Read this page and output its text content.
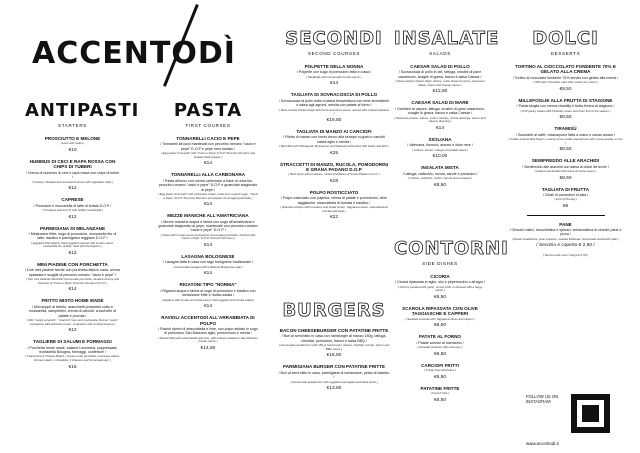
ACCENTODÌ
ANTIPASTI
STARTERS
PROSCIUTTO E MELONE
(Ham and melon)
€10
HUMMUS DI CECI E RAPA ROSSA CON CHIPS DI TUBERI
/ Crema di hummus di ceci e rapa rossa con chips di tuberi /
( Creamy chickpea and red beet hummus with vegetable chips )
€12
CAPRESE
/ Pomodori e mozzarella di latte di bufala D.O.P /
( Tomatoes and D.O.P. milk buffalo mozzarella )
€12
PARMIGIANA DI MELANZANE
/ Melanzane fritte, sugo di pomodoro, mozzarella fior di latte, basilico e parmigiano reggiano D.O.P /
( Eggplant Parmigiana: fried eggplant layered with tomato sauce, mozzarella fior di latte, basil and Parmigiano )
€12
MINI PIADINE CON PORCHETTA
/ Due mini piadine farcite con porchetta fatta in casa, crema ripassata e scaglie di pecorino romano "cacio e pepe" /
( Two mini piadinas filled with homemade porchetta, sautéed chicory and shavings of "Cacio e Pepe" Pecorino Romano D.O.P. )
€14
FRITTO MISTO HOME MADE
/ Mini supplì al tartufo, arancinetti prosciutto cotto e mozzarella, sampietrini, crema di carciofi, crocchette di patate e provola /
( Mini "supplì al tartufo", "Arancini" ham and mozzarella, Roman "suppì" sampietrini with artichoke cream, croquettes with smoked cheese )
€12
TAGLIERE DI SALUMI E FORMAGGI
/ Porchetta home made, salame Leonessa, soppressata, mortadella Bologna, formaggi, confetture /
( Charcuterie & Cheese Board – house-cured porchetta, Leonessa salami, Roman salami, mortadella, 3 cheeses and homemade jam )
€16
PASTA
FIRST COURSES
TONNARELLI CACIO E PEPE
/ Tonnarelli all'uovo mantecati con pecorino romano "cacio e pepe" D.O.P e pepe nero tostato /
( Egg pasta "tonnarelli" with "Cacio e Pepe" D.O.P. Pecorino Romano and toasted black pepper )
€14
TONNARELLI ALLA CARBONARA
/ Pasta all'uovo con crema carbonara a base di uova bio, pecorino romano "cacio e pepe" D.O.P e guanciale stagionato al pepe /
( Egg pasta "tonnarelli" with carbonara cream made from organic eggs, "Cacio e Pepe" D.O.P. Pecorino Romano and pepper-cured aged guanciale )
€14
MEZZE MANICHE ALL'AMATRICIANA
/ Mezze maniche acqua e farina con sugo all'amatriciana e guanciale stagionato al pepe, mantecate con pecorino romano "cacio e pepe" D.O.P. /
( Pasta with tomato sauce and pepper-cured aged guanciale, finished with "Cacio e Pepe" D.O.P. Pecorino Romano )
€14
LASAGNA BOLOGNESE
/ Lasagna fatta in casa con ragù bolognese tradizionale /
( Homemade lasagna with traditional Bolognese ragù )
€14
RIGATONI TIPO "NORMA"
/ Rigatoni acqua e farina al sugo di pomodoro e basilico con melanzane fritte e ricotta salata /
( Rigatoni with tomato and basil sauce, fried eggplant and ricotta salata )
€14
RAVIOLI ACCENTODÌ ALL'ARRABBIATA DI POLPO
/ Ravioli ripieni di stracciatella e lime, con polpo stufato in sugo di pomodoro San Marzano aglio, prezzemolo e menta /
( Ravioli filled with stracciatella and lime, with octopus stewed in San Marzano tomato sauce )
€14,50
SECONDI
SECOND COURSES
POLPETTE DELLA NONNA
/ Polpette con sugo di pomodoro fatto in casa /
( Meatballs with homemade tomato sauce )
€14
TAGLIATA DI SOVRACOSCIA DI POLLO
/ Sovracoscia di pollo cotta a bassa temperatura con erbe aromatiche e salsa agli agrumi, servita con patate al forno /
( Slow-cooked chicken thigh with herbs and citrus sauce, served with roasted potatoes )
€16,50
TAGLIATA DI MANZO AI CARCIOFI
/ Filetto di manzo con fondo bruno alla senape in grani e carciofi saltati aglio e menta /
( Beef fillet with Wholegrain Mustard jus and Sautéed Artichokes with Garlic and Mint )
€25
STRACCETTI DI MANZO, RUCOLA, POMODORINI E GRANA PADANO D.O.P
( Beef strips with tomatoes, rocket and flakes of Grana Padano D.O.P. )
€18
POLPO ROSTICCIATO
/ Polpo rosticciato con paprika, crema di patate e pomodorini, olive taggiasche, stracciatella di burrata e basilico /
( Roasted octopus with tomatoes and bread cream, Taggiasca olives, stracciatella di burrata and basil )
€22
BURGERS
BACON CHEESEBURGER CON PATATINE FRITTE
/ Bun al semi fatto in casa con hamburger di manzo 180g, lattuga, cheddar, pomodoro, bacon e salsa BBQ /
( Homemade seeded bun with 180 gr beef burger, lettuce, cheddar, tomato, bacon and BBQ sauce )
€15,50
PARMIGIANA BURGER CON PATATINE FRITTE
/ Bun al semi fatto in casa, parmigiana di melanzane, pesto di basilico /
( Homemade seeded bun with eggplant parmigiana and basil pesto )
€13,50
INSALATE
SALADS
CAESAR SALAD DI POLLO
/ Sovracoscia di pollo in cbt, lattuga, crostini di pane casareccio, scaglie di grana, bacon e salsa Caesar /
( Slow-cooked chicken thigh, lettuce, rustic bread croutons, parmesan flakes, bacon and Caesar sauce )
€12,50
CAESAR SALAD DI MARE
/ Gamberi al vapore, lattuga, crostini di pane casareccio, scaglie di grana, bacon e salsa Caesar /
( Steamed prawns, lettuce, rustic croutons, Grana shavings, bacon and Caesar dressing )
€14
SICILIANA
/ Valeriana, finocchi, arance e olive nere /
( Lettuce, fennel, oranges and black olives )
€10,00
INSALATA MISTA
/ Lattuga, radicchio, rucola, carote e pomodori /
( Lettuce, radicchio, rocket, carrots and tomatoes )
€8,50
CONTORNI
SIDE DISHES
CICORIA
/ Cicoria ripassata in aglio, olio e peperoncino o all'agro /
( Chicory sautéed with garlic, oil and chilli, or dressed with a tangy sauce )
€6,50
SCAROLA RIPASSATA CON OLIVE TAGGIASCHE E CAPPERI
( Sautéed escarole with Taggiasca olives and capers )
€6,50
PATATE AL FORNO
/ Patate arrosto al rosmarino /
( Roasted potatoes with rosemary )
€6,50
CARCIOFI FRITTI
( Crispy fried artichokes )
€6,50
PATATINE FRITTE
( French fries )
€6,50
DOLCI
DESSERTS
TORTINO AL CIOCCOLATO FONDENTE 70% E GELATO ALLA CREMA
/ Tortino al cioccolato fondente 70% servito con gelato alla crema /
( 70% dark chocolate cake with custard ice cream )
€8,50
MILLEFOGLIE ALLA FRUTTA DI STAGIONE
/ Pasta sfoglia con crema chantilly e frutta fresca di stagione /
( Puff pastry sheets with Chantilly cream and fresh fruit of the season )
€8,50
TIRAMISÙ
/ Savoiardi al caffè, mascarpone fatta a mano e cacao amaro /
( Coffee-soaked lady fingers, creamy home-made mascarpone with cocoa powder on top )
€8,50
SEMIFREDDO ALLE ARACHIDI
/ Semifreddo alle arachidi con salsa al dulce de leche /
( Peanut semifreddo with dulce de leche sauce )
€8,50
TAGLIATA DI FRUTTA
/ Cibali di pomedoro di sala /
( Fruit of the day )
€6
PANE
/ Grissini rustici, bruschettina e spinaci, schiacciatina di cereali, pane e pizza /
( Rustic breadsticks, grain crackers, seeded flatbread, homemade bread with plain )
/ Servizio e coperto € 2,50 /
( Service and cover charge € 2,50 )
FOLLOW US ON INSTAGRAM
www.accentodi.it
